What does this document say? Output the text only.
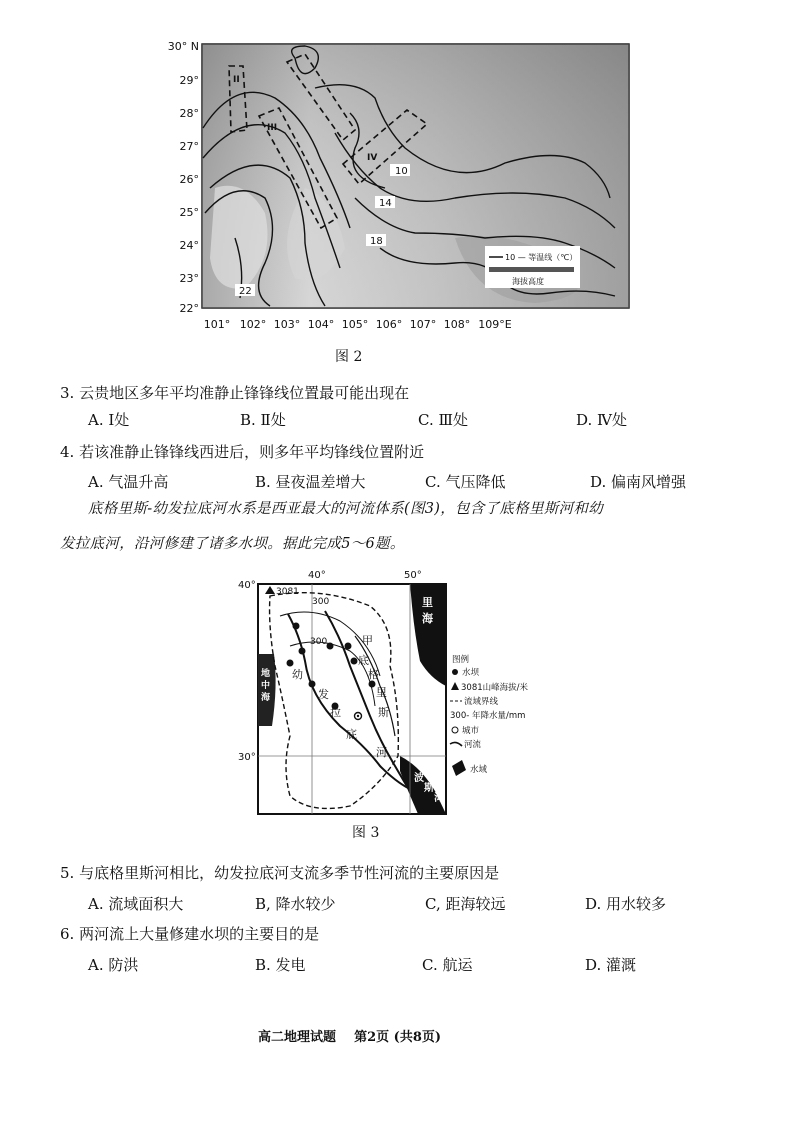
10
14
18
22
II
III
IV
10 — 等温线（℃）
海拔高度
30° N
29°
28°
27°
26°
25°
24°
23°
22°
101° 102° 103° 104° 105° 106° 107° 108° 109°E
图 2
3. 云贵地区多年平均准静止锋锋线位置最可能出现在
A. Ⅰ处	B. Ⅱ处	C. Ⅲ处	D. Ⅳ处
4. 若该准静止锋锋线西进后，则多年平均锋线位置附近
A. 气温升高	B. 昼夜温差增大	C. 气压降低	D. 偏南风增强
底格里斯-幼发拉底河水系是西亚最大的河流体系(图3)，包含了底格里斯河和幼
发拉底河，沿河修建了诸多水坝。据此完成5～6题。
3081
300
300
40°	50°
40°
30°
里海
地中海
波斯湾
幼
发
拉
底
河
甲
底
格
里
斯
图例
水坝
3081山峰海拔/米
流域界线
300- 年降水量/mm
城市
河流
水域
图 3
5. 与底格里斯河相比，幼发拉底河支流多季节性河流的主要原因是
A. 流域面积大	B, 降水较少	C, 距海较远	D. 用水较多
6. 两河流上大量修建水坝的主要目的是
A. 防洪	B. 发电	C. 航运	D. 灌溉
高二地理试题    第2页 (共8页)
